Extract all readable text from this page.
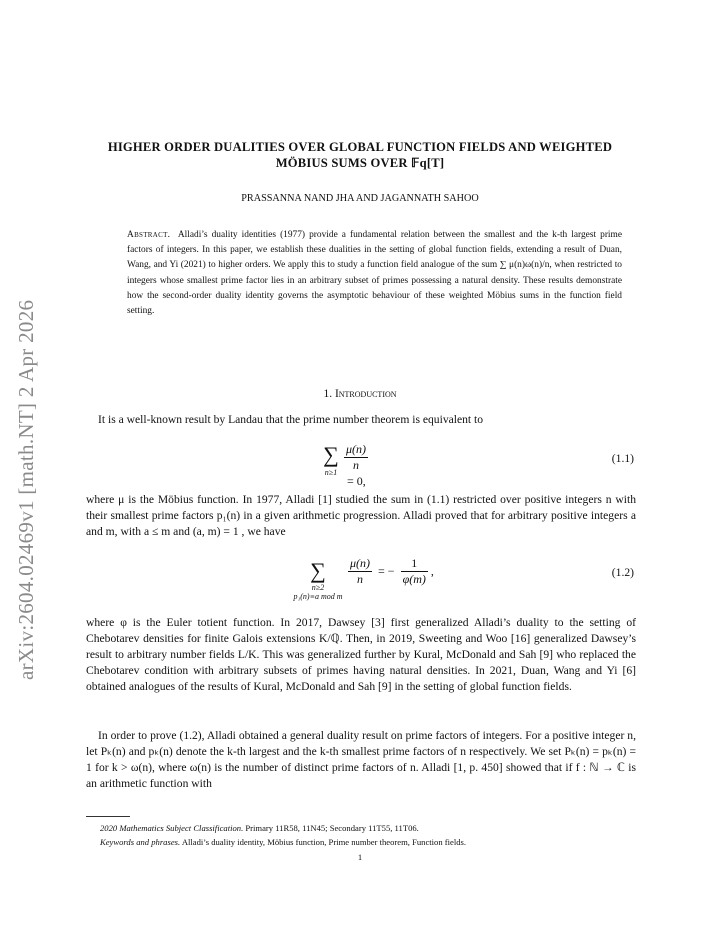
arXiv:2604.02469v1 [math.NT] 2 Apr 2026
HIGHER ORDER DUALITIES OVER GLOBAL FUNCTION FIELDS AND WEIGHTED
MÖBIUS SUMS OVER 𝔽q[T]
PRASSANNA NAND JHA AND JAGANNATH SAHOO
Abstract. Alladi’s duality identities (1977) provide a fundamental relation between the smallest and the k-th largest prime factors of integers. In this paper, we establish these dualities in the setting of global function fields, extending a result of Duan, Wang, and Yi (2021) to higher orders. We apply this to study a function field analogue of the sum ∑ μ(n)ω(n)/n, when restricted to integers whose smallest prime factor lies in an arbitrary subset of primes possessing a natural density. These results demonstrate how the second-order duality identity governs the asymptotic behaviour of these weighted Möbius sums in the function field setting.
1. Introduction
It is a well-known result by Landau that the prime number theorem is equivalent to
∑
$n\ge 1 \frac{\mu(n)}{n}$
= 0,
(1.1)
where μ is the Möbius function. In 1977, Alladi [1] studied the sum in (1.1) restricted over positive integers n with their smallest prime factors p₁(n) in a given arithmetic progression. Alladi proved that for arbitrary positive integers a and m, with a ≤ m and (a, m) = 1 , we have
∑
n≥2
p₁(n)≡a mod m
$\frac{\mu(n)}{n}$ = − $\frac{1}{\varphi(m)}$ ,	(1.2)
where φ is the Euler totient function. In 2017, Dawsey [3] first generalized Alladi’s duality to the setting of Chebotarev densities for finite Galois extensions K/ℚ. Then, in 2019, Sweeting and Woo [16] generalized Dawsey’s result to arbitrary number fields L/K. This was generalized further by Kural, McDonald and Sah [9] who replaced the Chebotarev condition with arbitrary subsets of primes having natural densities. In 2021, Duan, Wang and Yi [6] obtained analogues of the results of Kural, McDonald and Sah [9] in the setting of global function fields.
In order to prove (1.2), Alladi obtained a general duality result on prime factors of integers. For a positive integer n, let Pₖ(n) and pₖ(n) denote the k-th largest and the k-th smallest prime factors of n respectively. We set Pₖ(n) = pₖ(n) = 1 for k > ω(n), where ω(n) is the number of distinct prime factors of n. Alladi [1, p. 450] showed that if f : ℕ → ℂ is an arithmetic function with
2020 Mathematics Subject Classification. Primary 11R58, 11N45; Secondary 11T55, 11T06.
Keywords and phrases. Alladi’s duality identity, Möbius function, Prime number theorem, Function fields.
1
